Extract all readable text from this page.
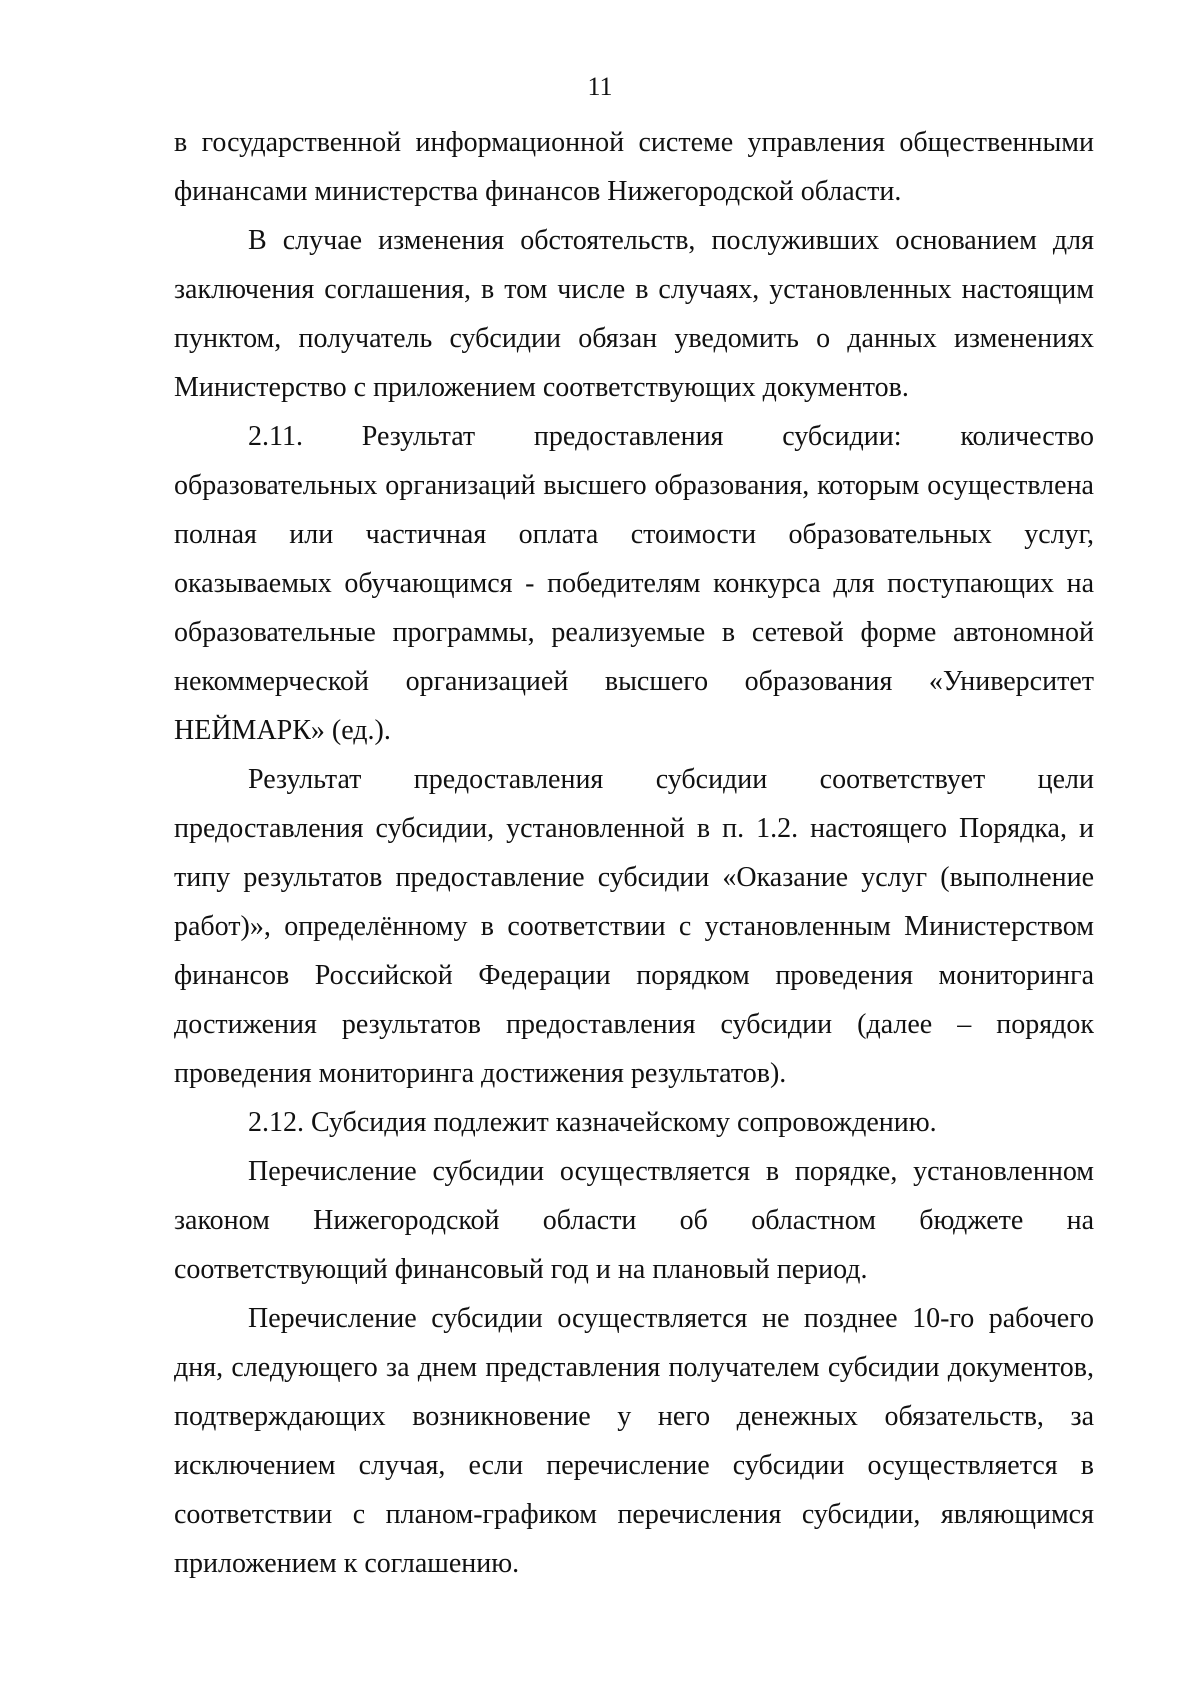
11

в государственной информационной системе управления общественными финансами министерства финансов Нижегородской области.

В случае изменения обстоятельств, послуживших основанием для заключения соглашения, в том числе в случаях, установленных настоящим пунктом, получатель субсидии обязан уведомить о данных изменениях Министерство с приложением соответствующих документов.

2.11. Результат предоставления субсидии: количество образовательных организаций высшего образования, которым осуществлена полная или частичная оплата стоимости образовательных услуг, оказываемых обучающимся - победителям конкурса для поступающих на образовательные программы, реализуемые в сетевой форме автономной некоммерческой организацией высшего образования «Университет НЕЙМАРК» (ед.).

Результат предоставления субсидии соответствует цели предоставления субсидии, установленной в п. 1.2. настоящего Порядка, и типу результатов предоставление субсидии «Оказание услуг (выполнение работ)», определённому в соответствии с установленным Министерством финансов Российской Федерации порядком проведения мониторинга достижения результатов предоставления субсидии (далее – порядок проведения мониторинга достижения результатов).

2.12. Субсидия подлежит казначейскому сопровождению.

Перечисление субсидии осуществляется в порядке, установленном законом Нижегородской области об областном бюджете на соответствующий финансовый год и на плановый период.

Перечисление субсидии осуществляется не позднее 10-го рабочего дня, следующего за днем представления получателем субсидии документов, подтверждающих возникновение у него денежных обязательств, за исключением случая, если перечисление субсидии осуществляется в соответствии с планом-графиком перечисления субсидии, являющимся приложением к соглашению.
